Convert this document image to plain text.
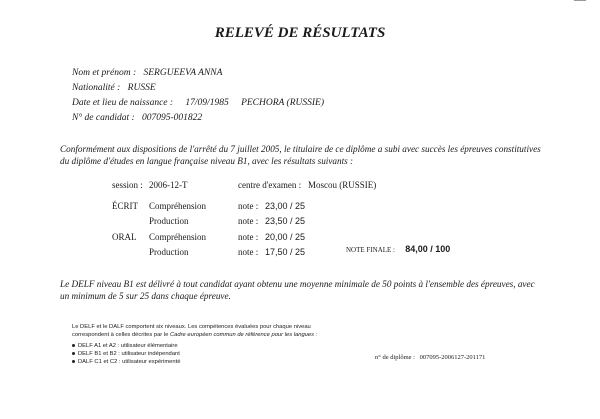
RELEVÉ DE RÉSULTATS
Nom et prénom : SERGUEEVA ANNA
Nationalité : RUSSE
Date et lieu de naissance : 17/09/1985 PECHORA (RUSSIE)
N° de candidat : 007095-001822
Conformément aux dispositions de l'arrêté du 7 juillet 2005, le titulaire de ce diplôme a subi avec succès les épreuves constitutives du diplôme d'études en langue française niveau B1, avec les résultats suivants :
session : 2006-12-T	centre d'examen : Moscou (RUSSIE)
ÉCRIT Compréhension	note : 23,00 / 25
Production	note : 23,50 / 25
ORAL Compréhension	note : 20,00 / 25
Production	note : 17,50 / 25	NOTE FINALE : 84,00 / 100
Le DELF niveau B1 est délivré à tout candidat ayant obtenu une moyenne minimale de 50 points à l'ensemble des épreuves, avec un minimum de 5 sur 25 dans chaque épreuve.
Le DELF et le DALF comportent six niveaux. Les compétences évaluées pour chaque niveau
correspondent à celles décrites par le Cadre européen commun de référence pour les langues :
DELF A1 et A2 : utilisateur élémentaire
DELF B1 et B2 : utilisateur indépendant
DALF C1 et C2 : utilisateur expérimenté
n° de diplôme : 007095-2006127-201171
